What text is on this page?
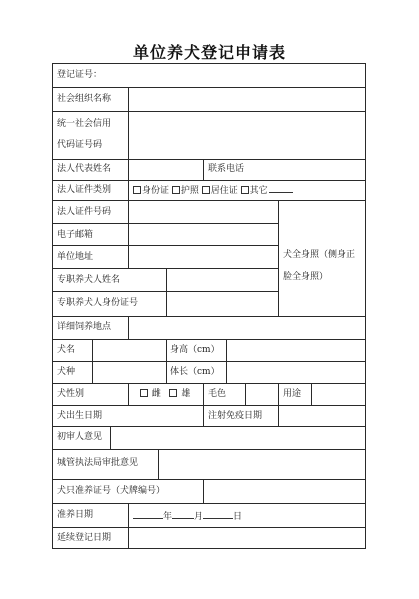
单位养犬登记申请表
登记证号：
社会组织名称
统一社会信用
代码证号码
法人代表姓名	联系电话
法人证件类别	身份证 护照 居住证 其它
法人证件号码
电子邮箱
单位地址	犬全身照（侧身正
脸全身照）
专职养犬人姓名
专职养犬人身份证号
详细饲养地点
犬名	身高（cm）
犬种	体长（cm）
犬性别	雌 雄 毛色	用途
犬出生日期	注射免疫日期
初审人意见
城管执法局审批意见
犬只准养证号（犬牌编号）
准养日期	年 月	日
延续登记日期
